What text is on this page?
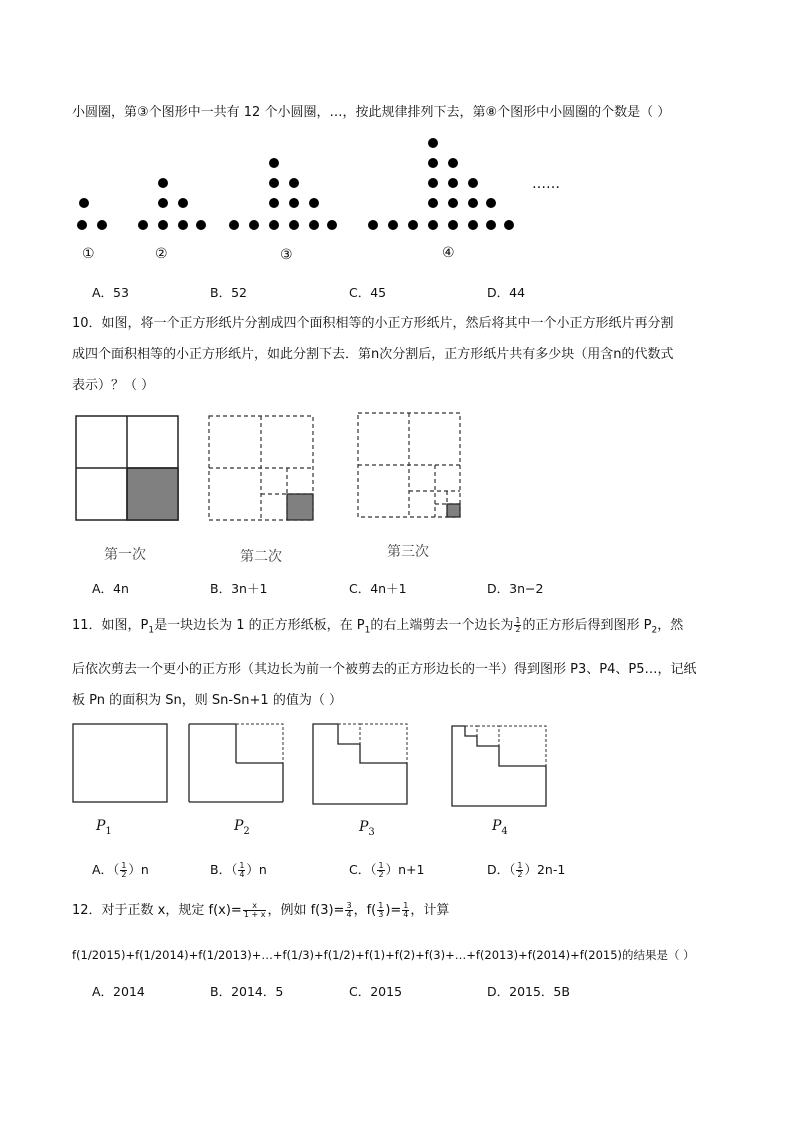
小圆圈，第③个图形中一共有 12 个小圆圈，…，按此规律排列下去，第⑧个图形中小圆圈的个数是（ ）
……
①	②	③	④
A．53	B．52	C．45	D．44
10．如图，将一个正方形纸片分割成四个面积相等的小正方形纸片，然后将其中一个小正方形纸片再分割
成四个面积相等的小正方形纸片，如此分割下去．第n次分割后，正方形纸片共有多少块（用含n的代数式
表示）？（ ）
第一次	第二次	第三次
A．4n	B．3n＋1	C．4n＋1	D．3n−2
11．如图，$P_1$是一块边长为 1 的正方形纸板，在 $P_1$的右上端剪去一个边长为 $\frac{1}{2}$ 的正方形后得到图形 $P_2$，然
后依次剪去一个更小的正方形（其边长为前一个被剪去的正方形边长的一半）得到图形 P3、P4、P5…，记纸
板 Pn 的面积为 Sn，则 Sn-Sn+1 的值为（ ）
$P_1$	$P_2$	$P_3$	$P_4$
A．（ $\frac{1}{2} )n$	B．（ $\frac{1}{4} )n$	C．（ $\frac{1}{2} )n+1$	D．（ $\frac{1}{2} )2n-1$
12．对于正数 x，规定 $f(x)= \frac{x}{1 + x}$ ，例如 $f(3)= \frac{3}{4}$ ，$f( \frac{1}{3}$ )= $\frac{1}{4}$ ，计算
f(1/2015)+f(1/2014)+f(1/2013)+…+f(1/3)+f(1/2)+f(1)+f(2)+f(3)+…+f(2013)+f(2014)+f(2015)的结果是（ ）
A．2014	B．2014．5	C．2015	D．2015．5B
